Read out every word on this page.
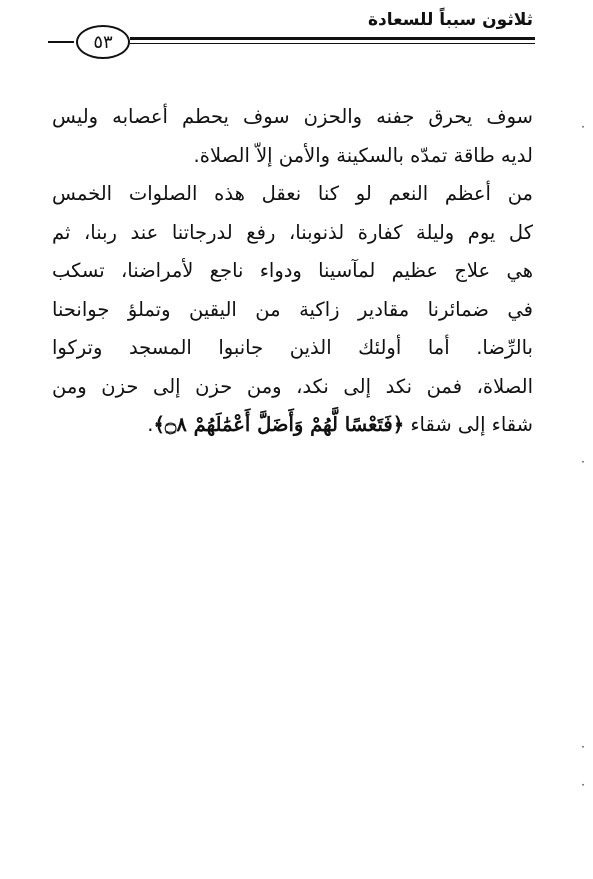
ثلاثون سبباً للسعادة
٥٣
سوف يحرق جفنه والحزن سوف يحطم أعصابه وليس
لديه طاقة تمدّه بالسكينة والأمن إلاّ الصلاة.
من أعظم النعم لو كنا نعقل هذه الصلوات الخمس
كل يوم وليلة كفارة لذنوبنا، رفع لدرجاتنا عند ربنا، ثم
هي علاج عظيم لمآسينا ودواء ناجع لأمراضنا، تسكب
في ضمائرنا مقادير زاكية من اليقين وتملؤ جوانحنا
بالرِّضا. أما أولئك الذين جانبوا المسجد وتركوا
الصلاة، فمن نكد إلى نكد، ومن حزن إلى حزن ومن
شقاء إلى شقاء ﴿فَتَعْسًا لَّهُمْ وَأَضَلَّ أَعْمَٰلَهُمْ ۝٨﴾.
·
·
·
·
